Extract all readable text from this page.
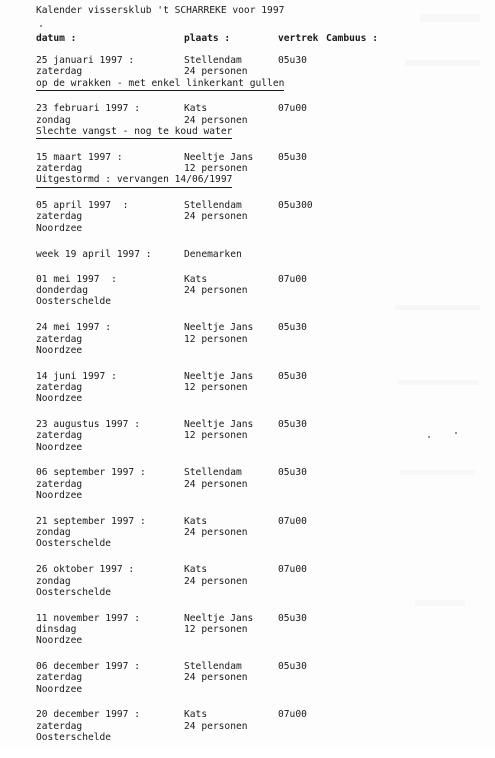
Kalender vissersklub 't SCHARREKE voor 1997
datum :	plaats :	vertrek Cambuus :
25 januari 1997 :	Stellendam	05u30
zaterdag	24 personen
op de wrakken - met enkel linkerkant gullen
23 februari 1997 :	Kats	07u00
zondag	24 personen
Slechte vangst - nog te koud water
15 maart 1997 :	Neeltje Jans	05u30
zaterdag	12 personen
Uitgestormd : vervangen 14/06/1997
05 april 1997  :	Stellendam	05u300
zaterdag	24 personen
Noordzee
week 19 april 1997 :	Denemarken
01 mei 1997  :	Kats	07u00
donderdag	24 personen
Oosterschelde
24 mei 1997 :	Neeltje Jans	05u30
zaterdag	12 personen
Noordzee
14 juni 1997 :	Neeltje Jans	05u30
zaterdag	12 personen
Noordzee
23 augustus 1997 :	Neeltje Jans	05u30
zaterdag	12 personen
Noordzee
06 september 1997 :	Stellendam	05u30
zaterdag	24 personen
Noordzee
21 september 1997 :	Kats	07u00
zondag	24 personen
Oosterschelde
26 oktober 1997 :	Kats	07u00
zondag	24 personen
Oosterschelde
11 november 1997 :	Neeltje Jans	05u30
dinsdag	12 personen
Noordzee
06 december 1997 :	Stellendam	05u30
zaterdag	24 personen
Noordzee
20 december 1997 :	Kats	07u00
zaterdag	24 personen
Oosterschelde
